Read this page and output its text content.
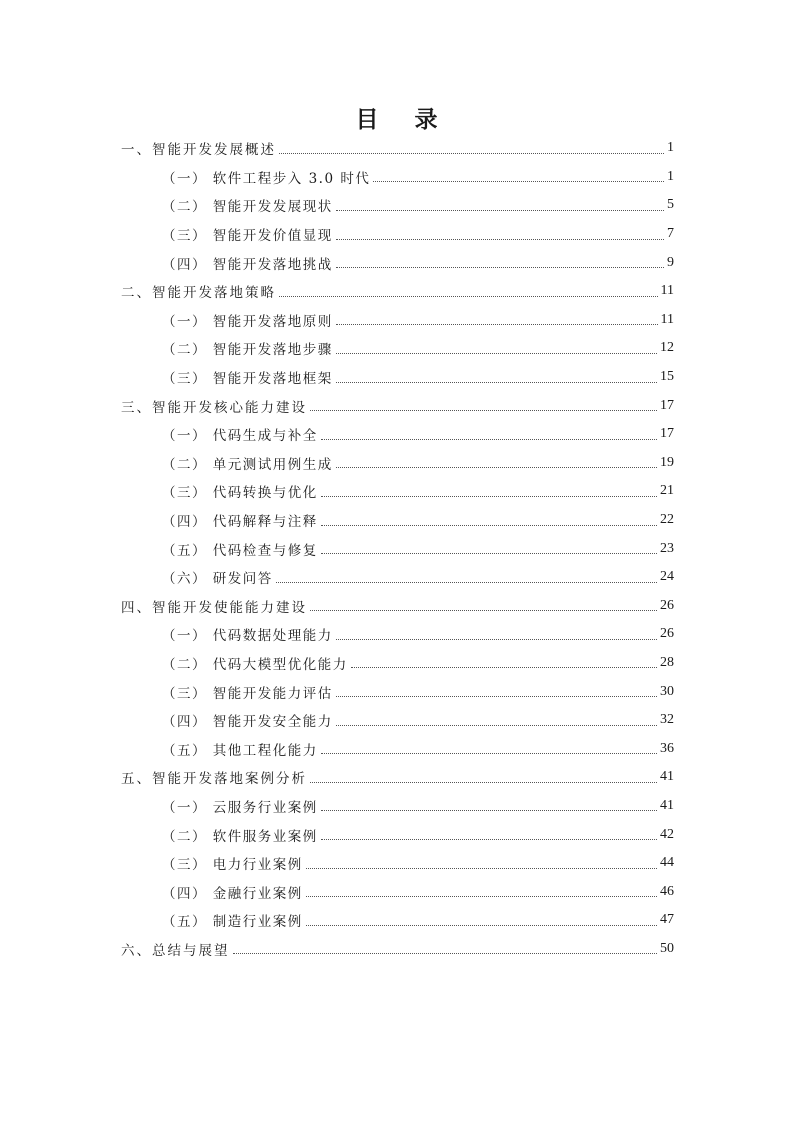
目 录
一、智能开发发展概述	1
（一） 软件工程步入 3.0 时代	1
（二） 智能开发发展现状	5
（三） 智能开发价值显现	7
（四） 智能开发落地挑战	9
二、智能开发落地策略	11
（一） 智能开发落地原则	11
（二） 智能开发落地步骤	12
（三） 智能开发落地框架	15
三、智能开发核心能力建设	17
（一） 代码生成与补全	17
（二） 单元测试用例生成	19
（三） 代码转换与优化	21
（四） 代码解释与注释	22
（五） 代码检查与修复	23
（六） 研发问答	24
四、智能开发使能能力建设	26
（一） 代码数据处理能力	26
（二） 代码大模型优化能力	28
（三） 智能开发能力评估	30
（四） 智能开发安全能力	32
（五） 其他工程化能力	36
五、智能开发落地案例分析	41
（一） 云服务行业案例	41
（二） 软件服务业案例	42
（三） 电力行业案例	44
（四） 金融行业案例	46
（五） 制造行业案例	47
六、总结与展望	50
